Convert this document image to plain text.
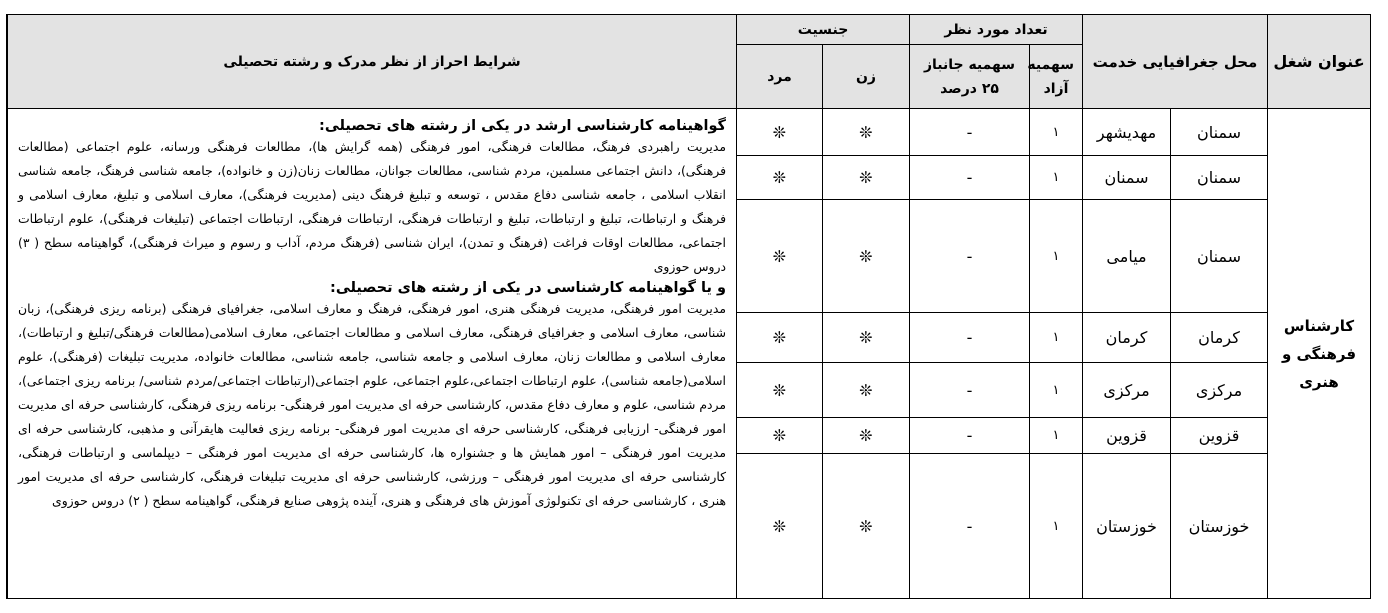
عنوان شغل	محل جغرافیایی خدمت		تعداد مورد نظر		جنسیت		شرایط احراز از نظر مدرک و رشته تحصیلی	
			سهمیه آزاد	سهمیه جانباز ۲۵ درصد	زن	مرد		
کارشناس فرهنگی و هنری	سمنان	مهدیشهر	۱	-	❊	❊	گواهینامه کارشناسی ارشد در یکی از رشته های تحصیلی:
مدیریت راهبردی فرهنگ، مطالعات فرهنگی، امور فرهنگی (همه گرایش ها)، مطالعات فرهنگی ورسانه، علوم اجتماعی (مطالعات فرهنگی)، دانش اجتماعی مسلمین، مردم شناسی، مطالعات جوانان، مطالعات زنان(زن و خانواده)، جامعه شناسی فرهنگ، جامعه شناسی انقلاب اسلامی ، جامعه شناسی دفاع مقدس ، توسعه و تبلیغ فرهنگ دینی (مدیریت فرهنگی)، معارف اسلامی و تبلیغ، معارف اسلامی و فرهنگ و ارتباطات، تبلیغ و ارتباطات، تبلیغ و ارتباطات فرهنگی، ارتباطات فرهنگی، ارتباطات اجتماعی (تبلیغات فرهنگی)، علوم ارتباطات اجتماعی، مطالعات اوقات فراغت (فرهنگ و تمدن)، ایران شناسی (فرهنگ مردم، آداب و رسوم و میراث فرهنگی)، گواهینامه سطح ( ۳) دروس حوزوی
و یا گواهینامه کارشناسی در یکی از رشته های تحصیلی:
مدیریت امور فرهنگی، مدیریت فرهنگی هنری، امور فرهنگی، فرهنگ و معارف اسلامی، جغرافیای فرهنگی (برنامه ریزی فرهنگی)، زبان شناسی، معارف اسلامی و جغرافیای فرهنگی، معارف اسلامی و مطالعات اجتماعی، معارف اسلامی(مطالعات فرهنگی/تبلیغ و ارتباطات)، معارف اسلامی و مطالعات زنان، معارف اسلامی و جامعه شناسی، جامعه شناسی، مطالعات خانواده، مدیریت تبلیغات (فرهنگی)، علوم اسلامی(جامعه شناسی)، علوم ارتباطات اجتماعی،علوم اجتماعی، علوم اجتماعی(ارتباطات اجتماعی/مردم شناسی/ برنامه ریزی اجتماعی)، مردم شناسی، علوم و معارف دفاع مقدس، کارشناسی حرفه ای مدیریت امور فرهنگی- برنامه ریزی فرهنگی، کارشناسی حرفه ای مدیریت امور فرهنگی- ارزیابی فرهنگی، کارشناسی حرفه ای مدیریت امور فرهنگی- برنامه ریزی فعالیت هایقرآنی و مذهبی، کارشناسی حرفه ای مدیریت امور فرهنگی – امور همایش ها و جشنواره ها، کارشناسی حرفه ای مدیریت امور فرهنگی – دیپلماسی و ارتباطات فرهنگی، کارشناسی حرفه ای مدیریت امور فرهنگی – ورزشی، کارشناسی حرفه ای مدیریت تبلیغات فرهنگی، کارشناسی حرفه ای مدیریت امور هنری ، کارشناسی حرفه ای تکنولوژی آموزش های فرهنگی و هنری، آینده پژوهی صنایع فرهنگی، گواهینامه سطح ( ۲) دروس حوزوی	

	سمنان	سمنان	۱	-	❊	❊		
	سمنان	میامی	۱	-	❊	❊		
	کرمان	کرمان	۱	-	❊	❊		
	مرکزی	مرکزی	۱	-	❊	❊		
	قزوین	قزوین	۱	-	❊	❊		
	خوزستان	خوزستان	۱	-	❊	❊		
